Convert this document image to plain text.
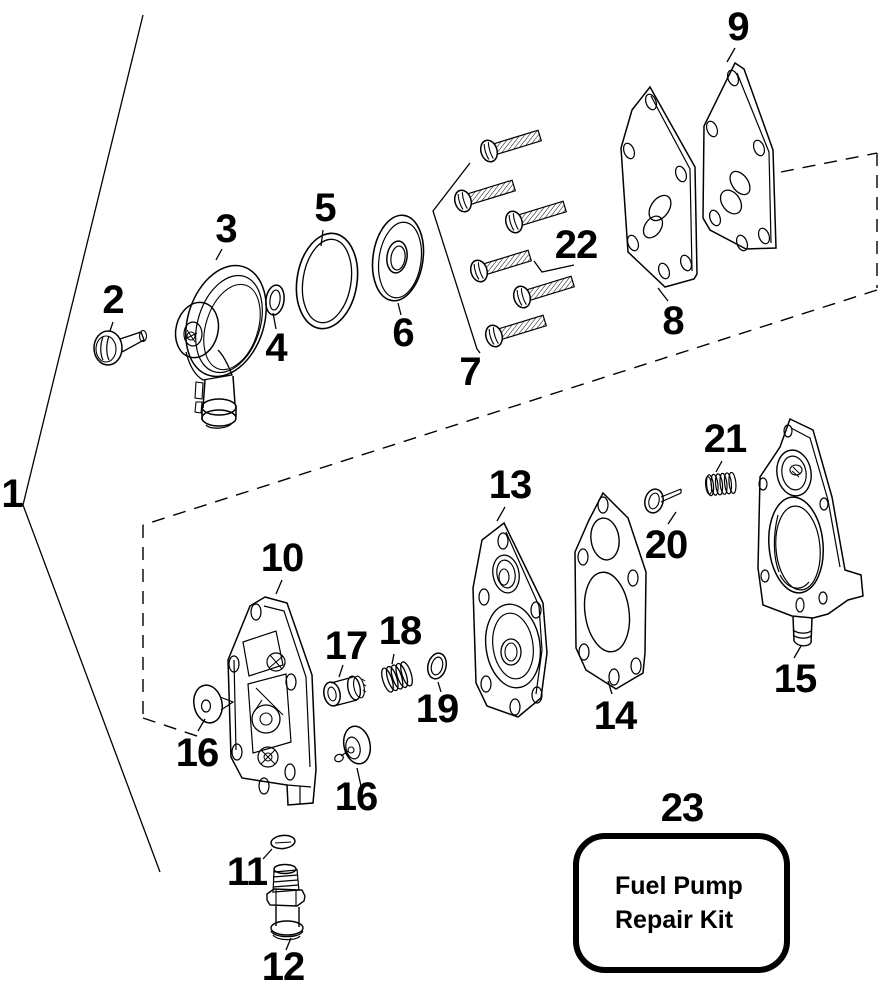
1
2
3
4
5
6
7
8
9
10
11
12
13
14
15
16
16
17 18
19
20
21
22
23
Fuel Pump
Repair Kit
